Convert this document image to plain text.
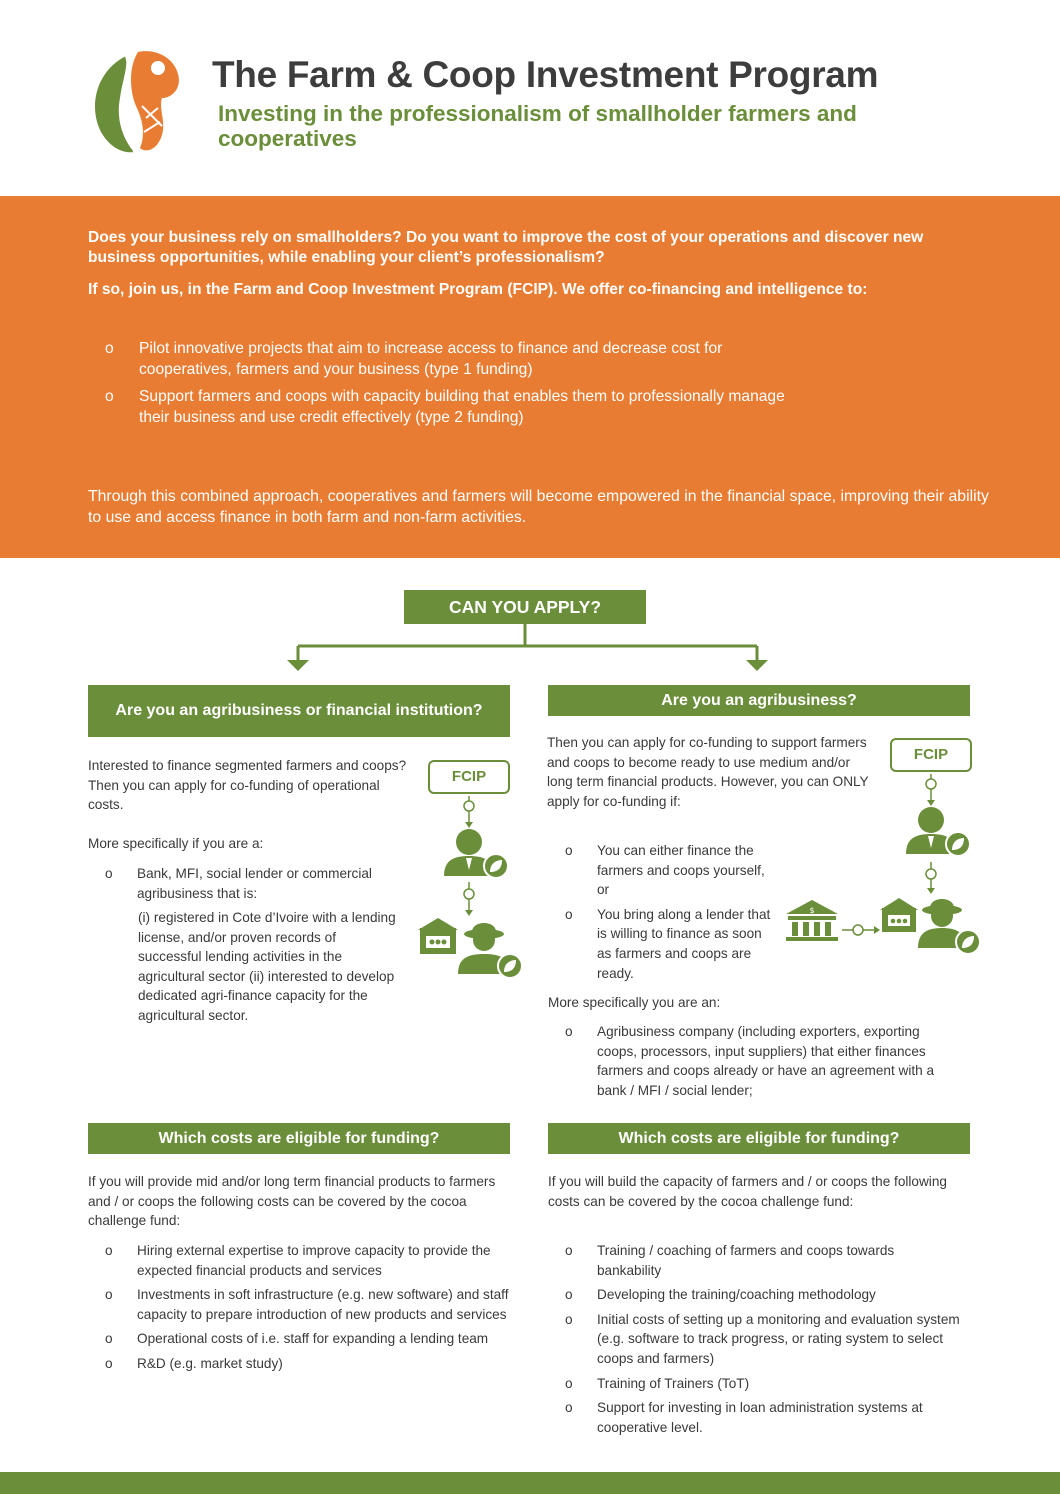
The Farm & Coop Investment Program
Investing in the professionalism of smallholder farmers and cooperatives
Does your business rely on smallholders? Do you want to improve the cost of your operations and discover new business opportunities, while enabling your client’s professionalism?
If so, join us, in the Farm and Coop Investment Program (FCIP). We offer co-financing and intelligence to:
o Pilot innovative projects that aim to increase access to finance and decrease cost for cooperatives, farmers and your business (type 1 funding)
o Support farmers and coops with capacity building that enables them to professionally manage their business and use credit effectively (type 2 funding)
Through this combined approach, cooperatives and farmers will become empowered in the financial space, improving their ability to use and access finance in both farm and non-farm activities.
CAN YOU APPLY?
Are you an agribusiness or financial institution?
Interested to finance segmented farmers and coops? Then you can apply for co-funding of operational costs.
More specifically if you are a:
o Bank, MFI, social lender or commercial agribusiness that is:
(i) registered in Cote d’Ivoire with a lending license, and/or proven records of successful lending activities in the agricultural sector (ii) interested to develop dedicated agri-finance capacity for the agricultural sector.
FCIP
Are you an agribusiness?
Then you can apply for co-funding to support farmers and coops to become ready to use medium and/or long term financial products. However, you can ONLY apply for co-funding if:
o You can either finance the farmers and coops yourself, or
o You bring along a lender that is willing to finance as soon as farmers and coops are ready.
More specifically you are an:
o Agribusiness company (including exporters, exporting coops, processors, input suppliers) that either finances farmers and coops already or have an agreement with a bank / MFI / social lender;
FCIP
$
Which costs are eligible for funding?
If you will provide mid and/or long term financial products to farmers and / or coops the following costs can be covered by the cocoa challenge fund:
o Hiring external expertise to improve capacity to provide the expected financial products and services
o Investments in soft infrastructure (e.g. new software) and staff capacity to prepare introduction of new products and services
o Operational costs of i.e. staff for expanding a lending team
o R&D (e.g. market study)
Which costs are eligible for funding?
If you will build the capacity of farmers and / or coops the following costs can be covered by the cocoa challenge fund:
o Training / coaching of farmers and coops towards bankability
o Developing the training/coaching methodology
o Initial costs of setting up a monitoring and evaluation system (e.g. software to track progress, or rating system to select coops and farmers)
o Training of Trainers (ToT)
o Support for investing in loan administration systems at cooperative level.
